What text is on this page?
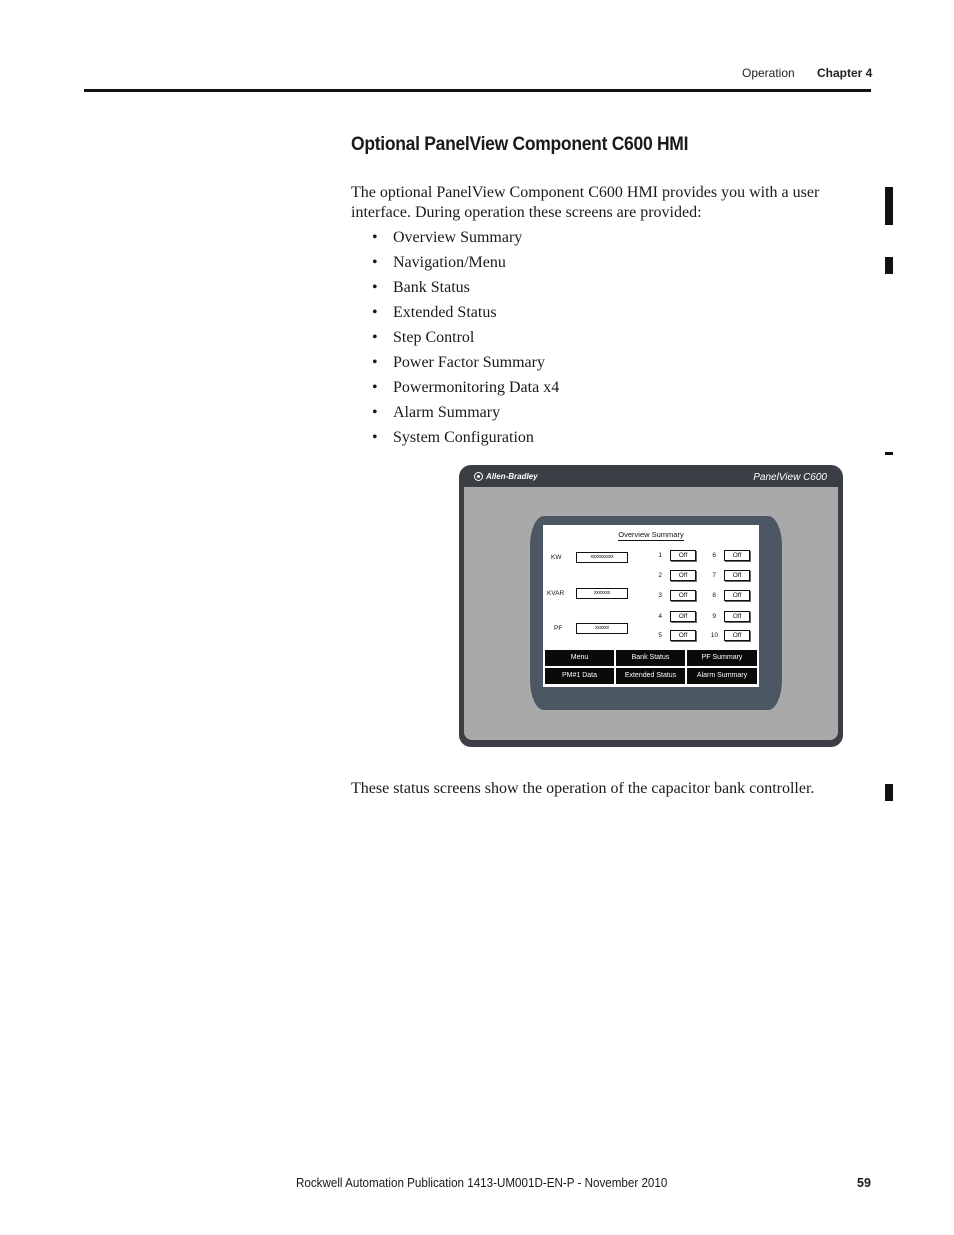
Operation Chapter 4
Optional PanelView Component C600 HMI

The optional PanelView Component C600 HMI provides you with a user interface. During operation these screens are provided:

• Overview Summary
• Navigation/Menu
• Bank Status
• Extended Status
• Step Control
• Power Factor Summary
• Powermonitoring Data x4
• Alarm Summary
• System Configuration
Allen-Bradley	PanelView C600
Overview Summary
KW	xxxxxxxxxx
KVAR	xxxxxxx
PF	xxxxxx
1	Off
2	Off
3	Off
4	Off
5	Off
6	Off
7	Off
8	Off
9	Off
10	Off
Menu	Bank Status	PF Summary
PM#1 Data	Extended Status	Alarm Summary

These status screens show the operation of the capacitor bank controller.

Rockwell Automation Publication 1413-UM001D-EN-P - November 2010	59
